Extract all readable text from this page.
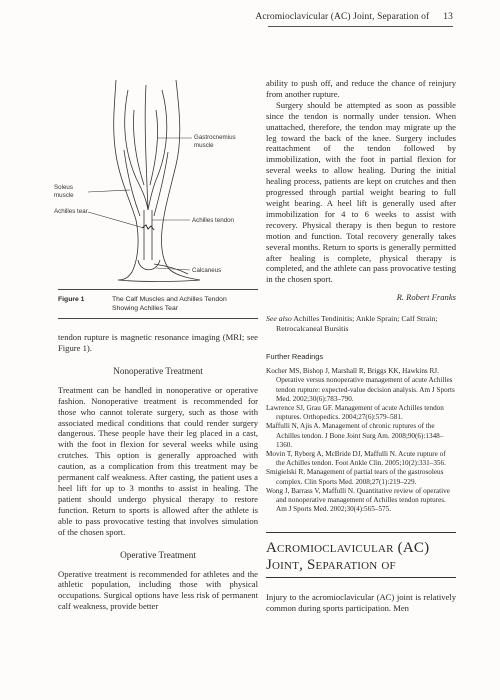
Acromioclavicular (AC) Joint, Separation of 13
Gastrocnemius muscle
Soleus muscle
Achilles tear
Achilles tendon
Calcaneus
Figure 1	The Calf Muscles and Achilles Tendon Showing Achilles Tear

tendon rupture is magnetic resonance imaging (MRI; see Figure 1).

Nonoperative Treatment

Treatment can be handled in nonoperative or operative fashion. Nonoperative treatment is recommended for those who cannot tolerate surgery, such as those with associated medical conditions that could render surgery dangerous. These people have their leg placed in a cast, with the foot in flexion for several weeks while using crutches. This option is generally approached with caution, as a complication from this treatment may be permanent calf weakness. After casting, the patient uses a heel lift for up to 3 months to assist in healing. The patient should undergo physical therapy to restore function. Return to sports is allowed after the athlete is able to pass provocative testing that involves simulation of the chosen sport.

Operative Treatment

Operative treatment is recommended for athletes and the athletic population, including those with physical occupations. Surgical options have less risk of permanent calf weakness, provide better

ability to push off, and reduce the chance of reinjury from another rupture.

Surgery should be attempted as soon as possible since the tendon is normally under tension. When unattached, therefore, the tendon may migrate up the leg toward the back of the knee. Surgery includes reattachment of the tendon followed by immobilization, with the foot in partial flexion for several weeks to allow healing. During the initial healing process, patients are kept on crutches and then progressed through partial weight bearing to full weight bearing. A heel lift is generally used after immobilization for 4 to 6 weeks to assist with recovery. Physical therapy is then begun to restore motion and function. Total recovery generally takes several months. Return to sports is generally permitted after healing is complete, physical therapy is completed, and the athlete can pass provocative testing in the chosen sport.

R. Robert Franks
See also Achilles Tendinitis; Ankle Sprain; Calf Strain;
Retrocalcaneal Bursitis
Further Readings

Kocher MS, Bishop J, Marshall R, Briggs KK, Hawkins RJ. Operative versus nonoperative management of acute Achilles tendon rupture: expected-value decision analysis. Am J Sports Med. 2002;30(6):783–790.

Lawrence SJ, Grau GF. Management of acute Achilles tendon ruptures. Orthopedics. 2004;27(6):579–581.

Maffulli N, Ajis A. Management of chronic ruptures of the Achilles tendon. J Bone Joint Surg Am. 2008;90(6):1348–1360.

Movin T, Ryberg A, McBride DJ, Maffulli N. Acute rupture of the Achilles tendon. Foot Ankle Clin. 2005;10(2):331–356.

Smigielski R. Management of partial tears of the gastrosoleus complex. Clin Sports Med. 2008;27(1):219–229.

Wong J, Barrass V, Maffulli N. Quantitative review of operative and nonoperative management of Achilles tendon ruptures. Am J Sports Med. 2002;30(4):565–575.

Acromioclavicular (AC)
Joint, Separation of

Injury to the acromioclavicular (AC) joint is relatively common during sports participation. Men
